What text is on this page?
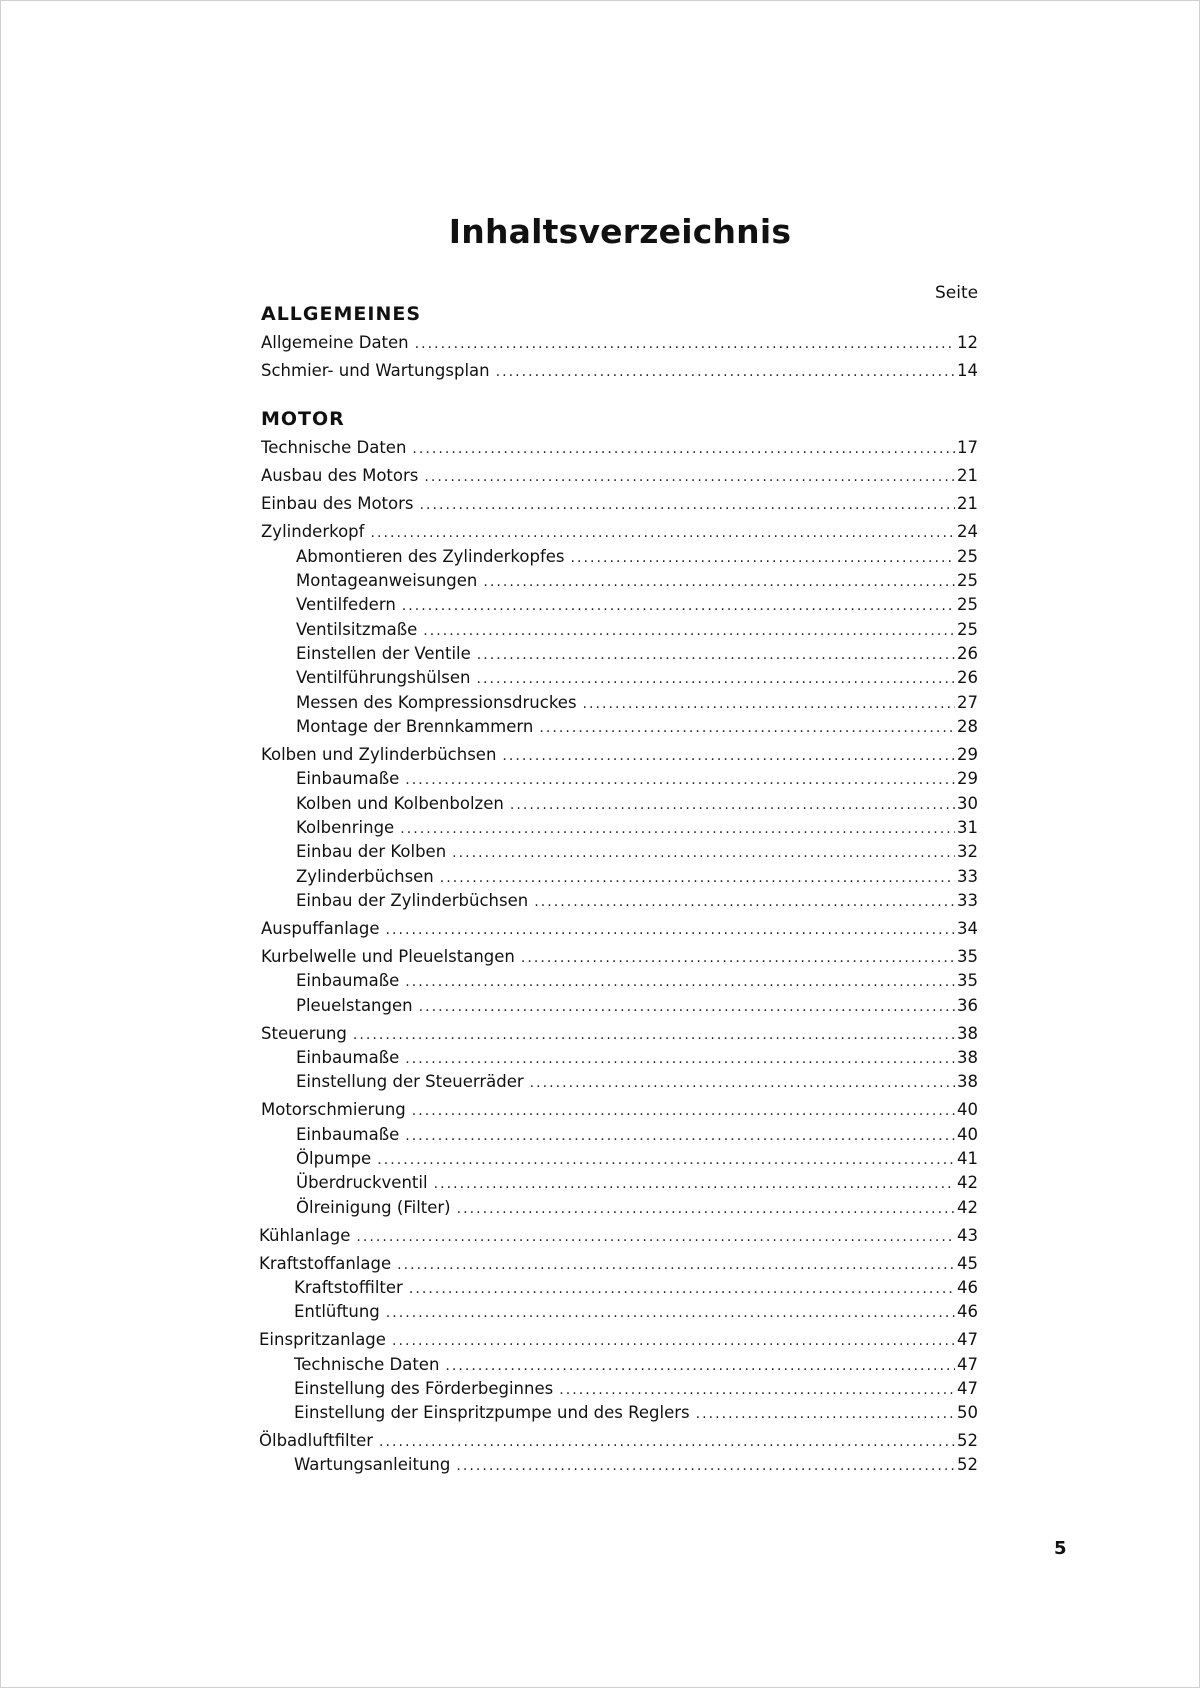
Inhaltsverzeichnis
Seite
ALLGEMEINES
Allgemeine Daten . . .	12
Schmier- und Wartungsplan . . .	14
MOTOR
Technische Daten . . .	17
Ausbau des Motors . . .	21
Einbau des Motors . . .	21
Zylinderkopf . . .	24
Abmontieren des Zylinderkopfes . . .	25
Montageanweisungen . . .	25
Ventilfedern . . .	25
Ventilsitzmaße . . .	25
Einstellen der Ventile . . .	26
Ventilführungshülsen . . .	26
Messen des Kompressionsdruckes . . .	27
Montage der Brennkammern . . .	28
Kolben und Zylinderbüchsen . . .	29
Einbaumaße . . .	29
Kolben und Kolbenbolzen . . .	30
Kolbenringe . . .	31
Einbau der Kolben . . .	32
Zylinderbüchsen . . .	33
Einbau der Zylinderbüchsen . . .	33
Auspuffanlage . . .	34
Kurbelwelle und Pleuelstangen . . .	35
Einbaumaße . . .	35
Pleuelstangen . . .	36
Steuerung . . .	38
Einbaumaße . . .	38
Einstellung der Steuerräder . . .	38
Motorschmierung . . .	40
Einbaumaße . . .	40
Ölpumpe . . .	41
Überdruckventil . . .	42
Ölreinigung (Filter) . . .	42
Kühlanlage . . .	43
Kraftstoffanlage . . .	45
Kraftstoffilter . . .	46
Entlüftung . . .	46
Einspritzanlage . . .	47
Technische Daten . . .	47
Einstellung des Förderbeginnes . . .	47
Einstellung der Einspritzpumpe und des Reglers . . .	50
Ölbadluftfilter . . .	52
Wartungsanleitung . . .	52
5
